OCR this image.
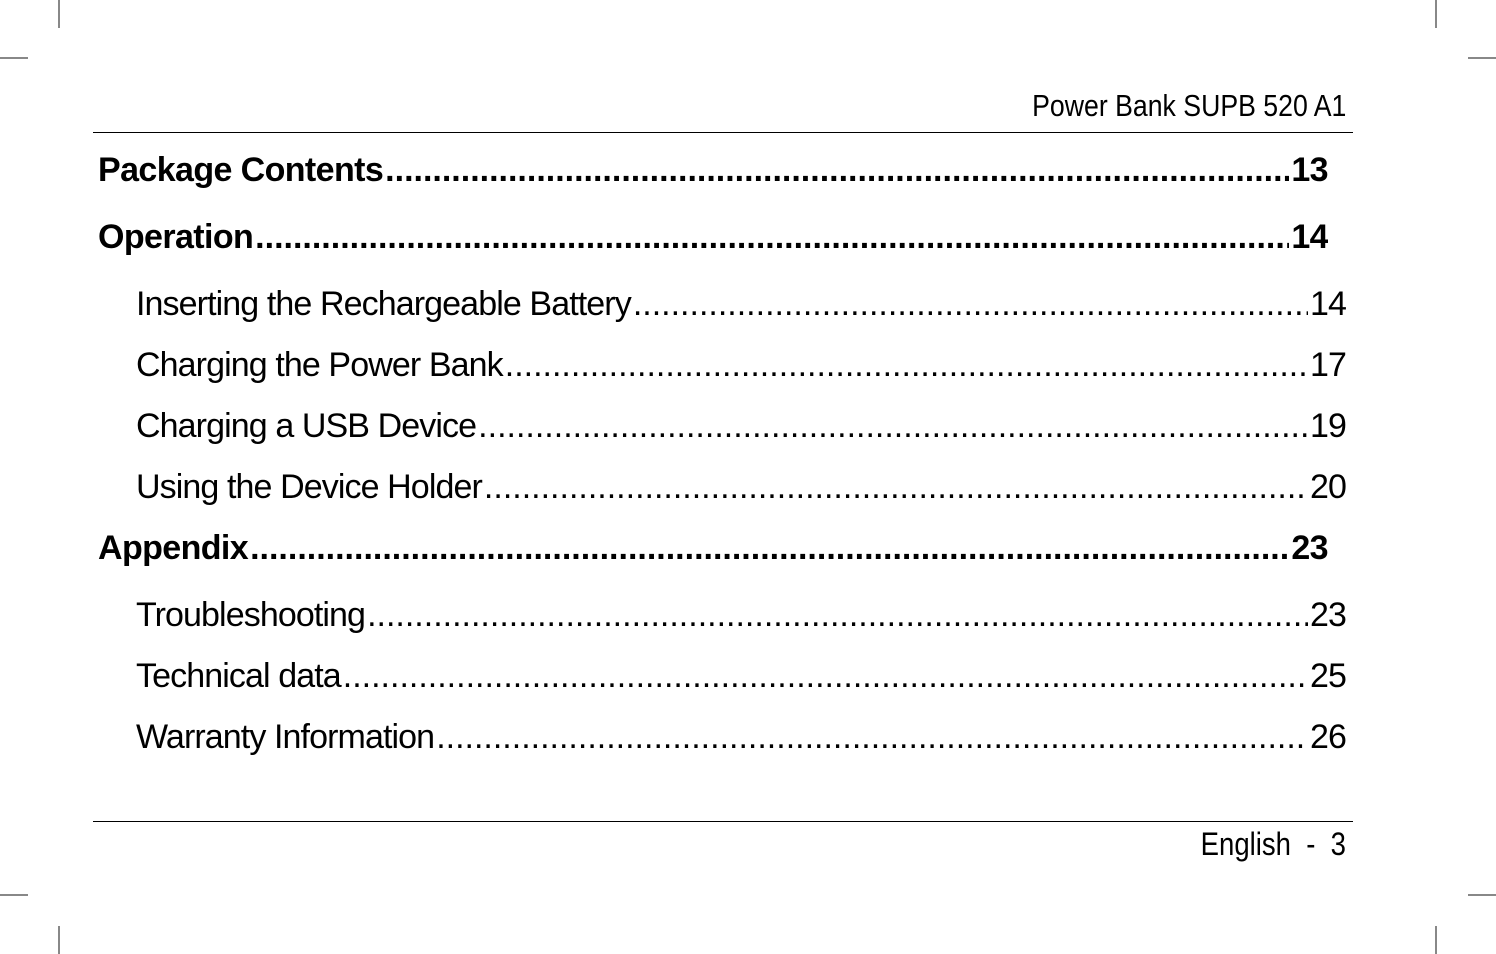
Power Bank SUPB 520 A1
Package Contents .....	13
Operation .....	14
Inserting the Rechargeable Battery .....	14
Charging the Power Bank .....	17
Charging a USB Device .....	19
Using the Device Holder .....	20
Appendix .....	23
Troubleshooting .....	23
Technical data .....	25
Warranty Information .....	26
English  -  3
